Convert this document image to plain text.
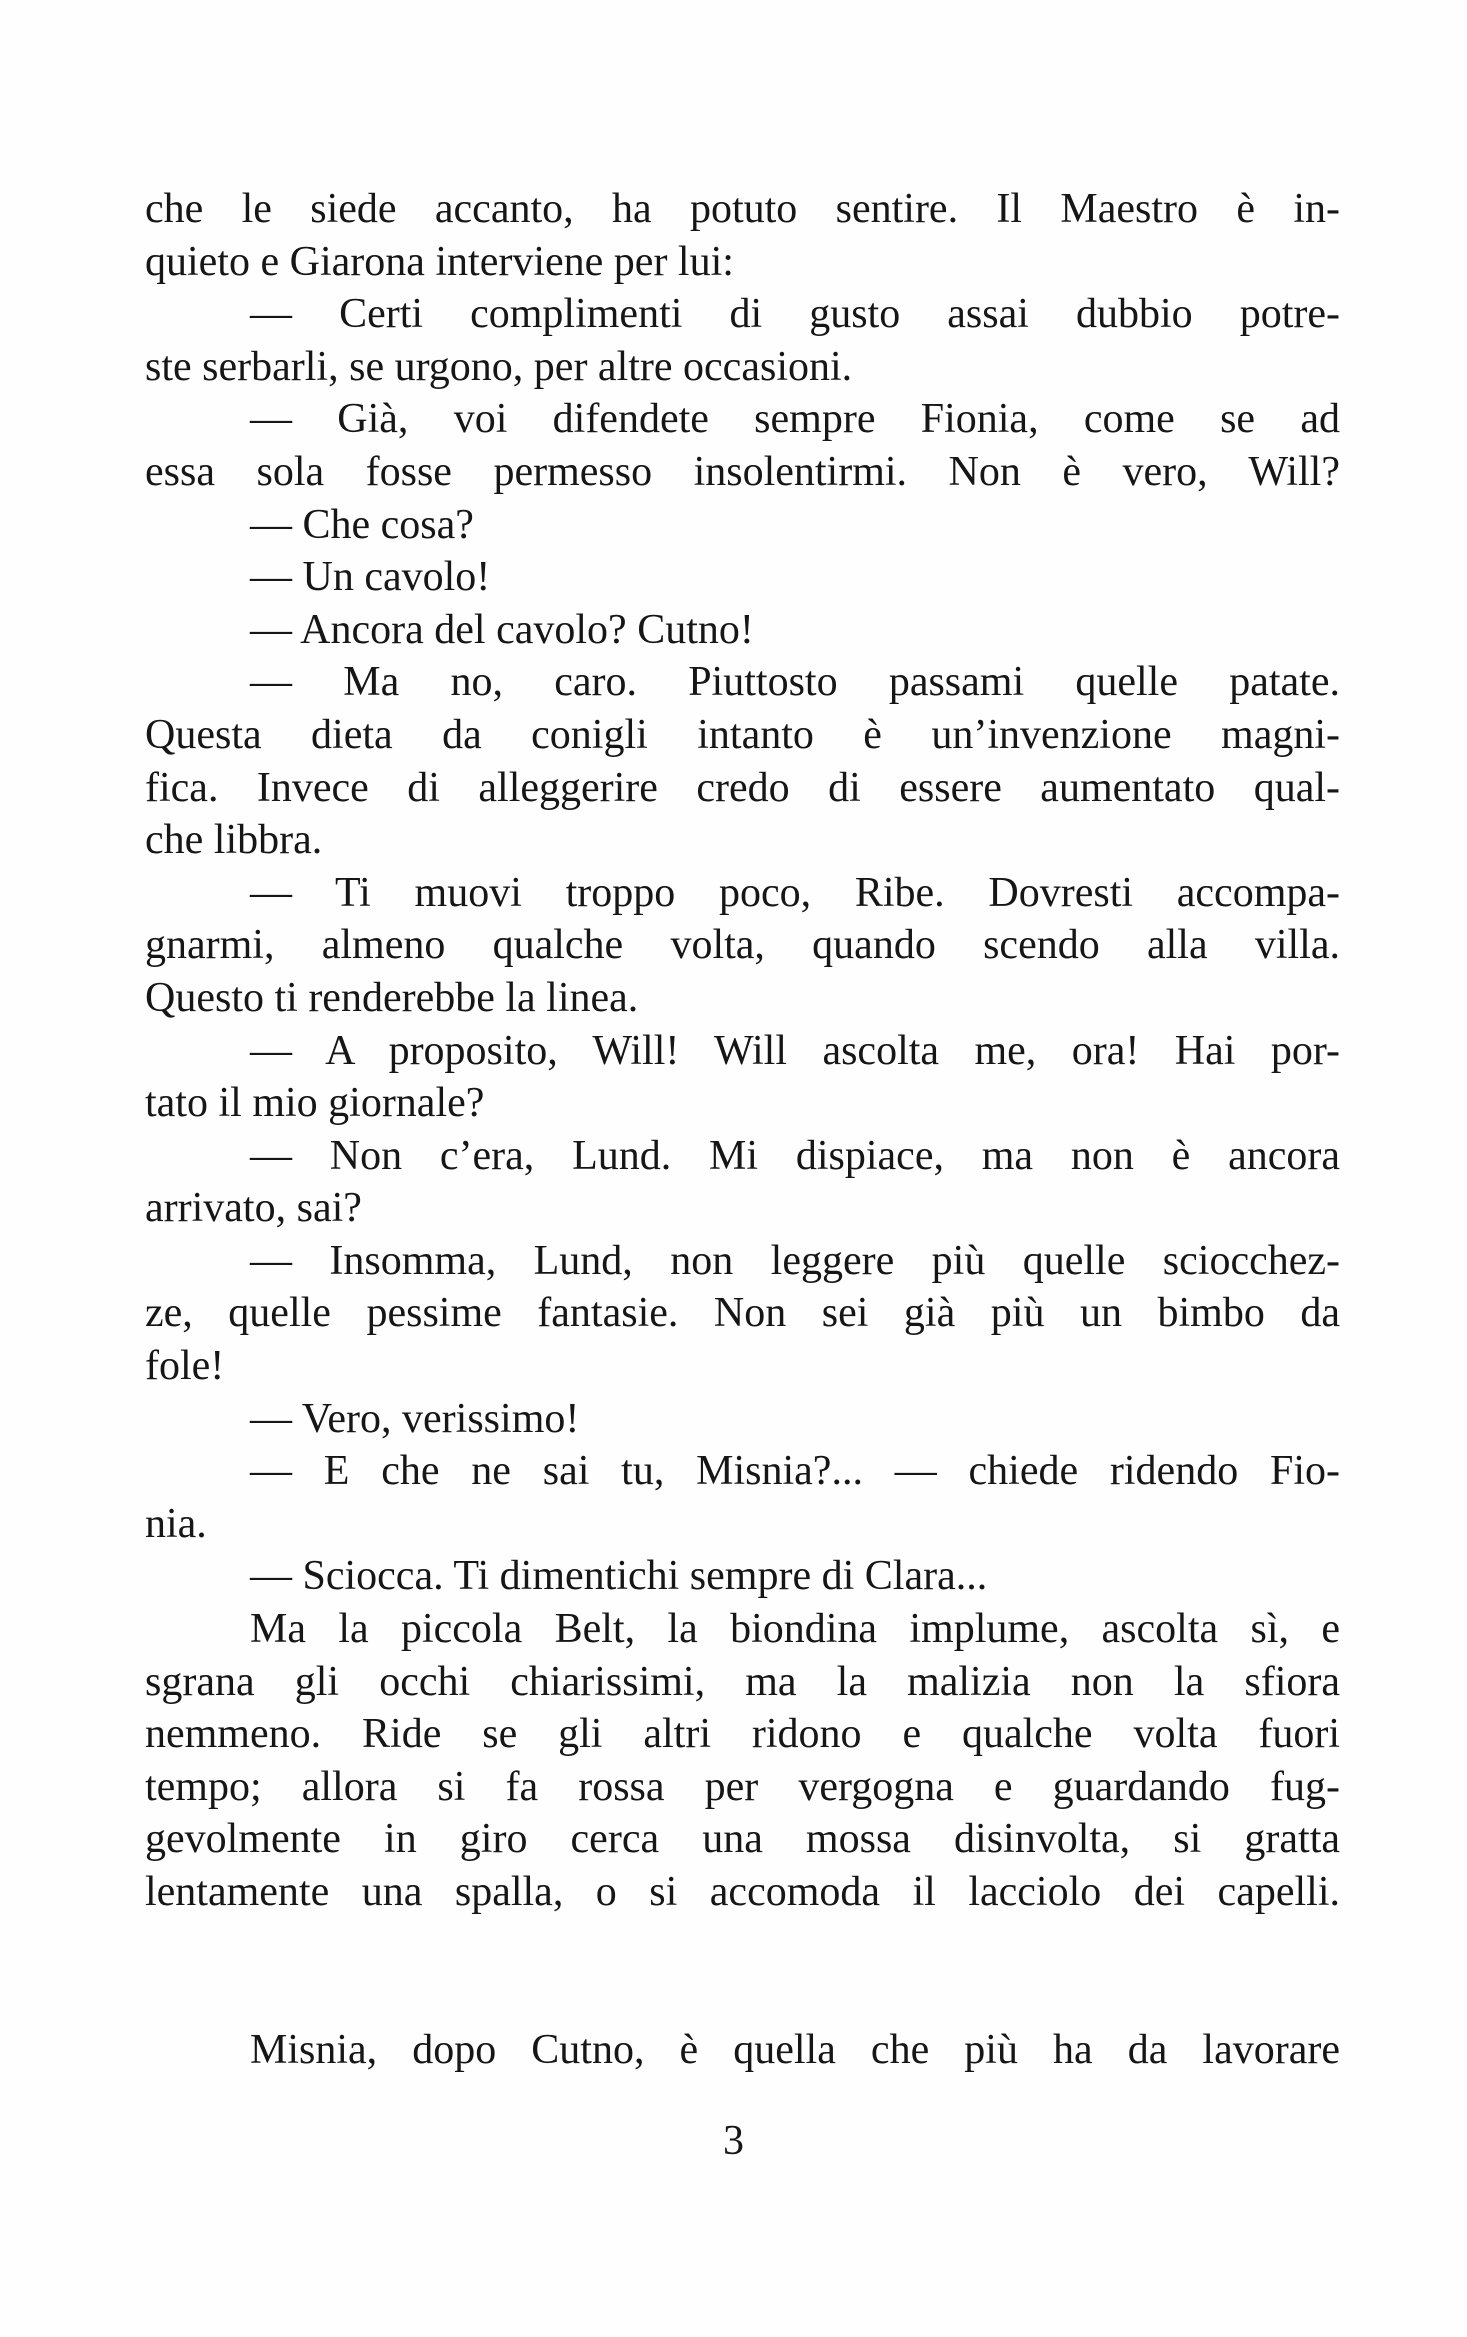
che le siede accanto, ha potuto sentire. Il Maestro è in-
quieto e Giarona interviene per lui:
— Certi complimenti di gusto assai dubbio potre-
ste serbarli, se urgono, per altre occasioni.
— Già, voi difendete sempre Fionia, come se ad
essa sola fosse permesso insolentirmi. Non è vero, Will?
— Che cosa?
— Un cavolo!
— Ancora del cavolo? Cutno!
— Ma no, caro. Piuttosto passami quelle patate.
Questa dieta da conigli intanto è un’invenzione magni-
fica. Invece di alleggerire credo di essere aumentato qual-
che libbra.
— Ti muovi troppo poco, Ribe. Dovresti accompa-
gnarmi, almeno qualche volta, quando scendo alla villa.
Questo ti renderebbe la linea.
— A proposito, Will! Will ascolta me, ora! Hai por-
tato il mio giornale?
— Non c’era, Lund. Mi dispiace, ma non è ancora
arrivato, sai?
— Insomma, Lund, non leggere più quelle sciocchez-
ze, quelle pessime fantasie. Non sei già più un bimbo da
fole!
— Vero, verissimo!
— E che ne sai tu, Misnia?... — chiede ridendo Fio-
nia.
— Sciocca. Ti dimentichi sempre di Clara...
Ma la piccola Belt, la biondina implume, ascolta sì, e
sgrana gli occhi chiarissimi, ma la malizia non la sfiora
nemmeno. Ride se gli altri ridono e qualche volta fuori
tempo; allora si fa rossa per vergogna e guardando fug-
gevolmente in giro cerca una mossa disinvolta, si gratta
lentamente una spalla, o si accomoda il lacciolo dei capelli.
Misnia, dopo Cutno, è quella che più ha da lavorare
3
